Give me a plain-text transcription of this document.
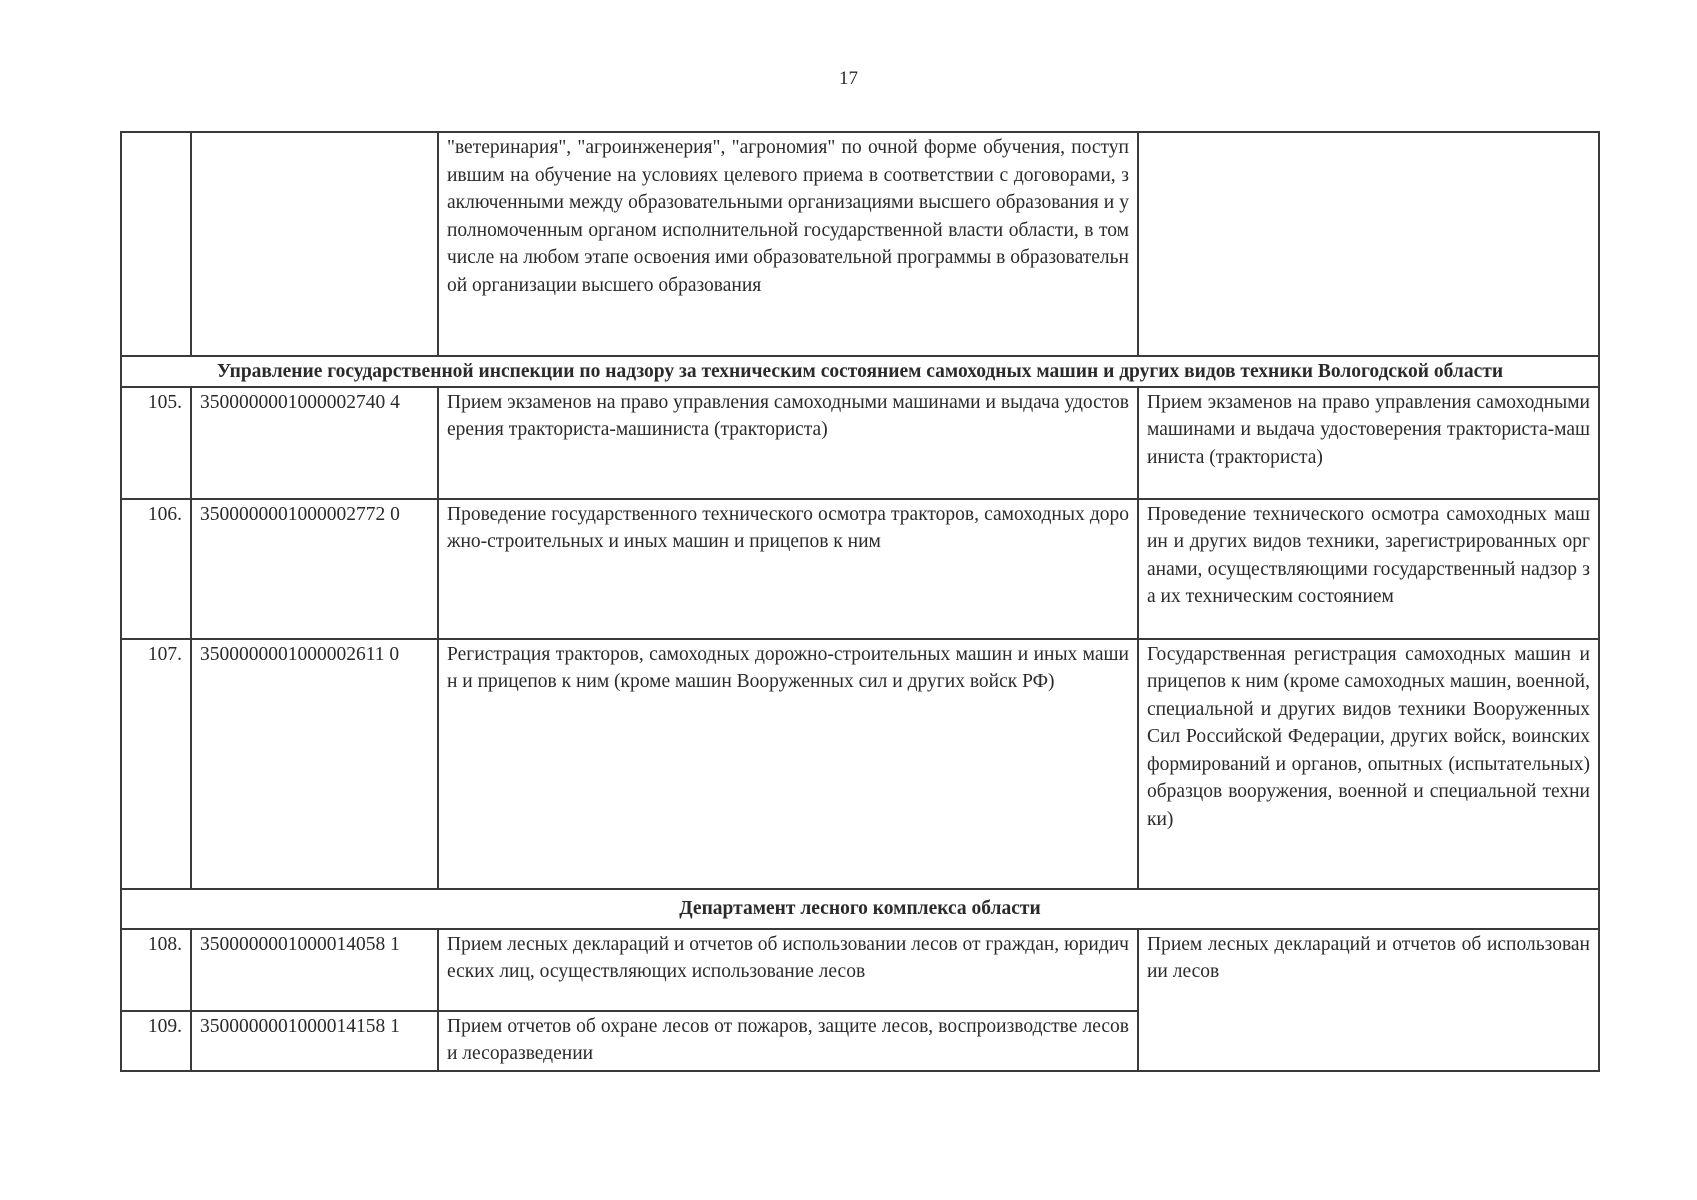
17
		"ветеринария", "агроинженерия", "агрономия" по очной форме обучения, поступившим на обучение на условиях целевого приема в соответствии с договорами, заключенными между образовательными организациями высшего образования и уполномоченным органом исполнительной государственной власти области, в том числе на любом этапе освоения ими образовательной программы в образовательной организации высшего образования	
Управление государственной инспекции по надзору за техническим состоянием самоходных машин и других видов техники Вологодской области			
105.	3500000001000002740 4	Прием экзаменов на право управления самоходными машинами и выдача удостоверения тракториста-машиниста (тракториста)	Прием экзаменов на право управления самоходными машинами и выдача удостоверения тракториста-машиниста (тракториста)
106.	3500000001000002772 0	Проведение государственного технического осмотра тракторов, самоходных дорожно-строительных и иных машин и прицепов к ним	Проведение технического осмотра самоходных машин и других видов техники, зарегистрированных органами, осуществляющими государственный надзор за их техническим состоянием
107.	3500000001000002611 0	Регистрация тракторов, самоходных дорожно-строительных машин и иных машин и прицепов к ним (кроме машин Вооруженных сил и других войск РФ)	Государственная регистрация самоходных машин и прицепов к ним (кроме самоходных машин, военной, специальной и других видов техники Вооруженных Сил Российской Федерации, других войск, воинских формирований и органов, опытных (испытательных) образцов вооружения, военной и специальной техники)
Департамент лесного комплекса области			
108.	3500000001000014058 1	Прием лесных деклараций и отчетов об использовании лесов от граждан, юридических лиц, осуществляющих использование лесов	Прием лесных деклараций и отчетов об использовании лесов
109.	3500000001000014158 1	Прием отчетов об охране лесов от пожаров, защите лесов, воспроизводстве лесов и лесоразведении	
